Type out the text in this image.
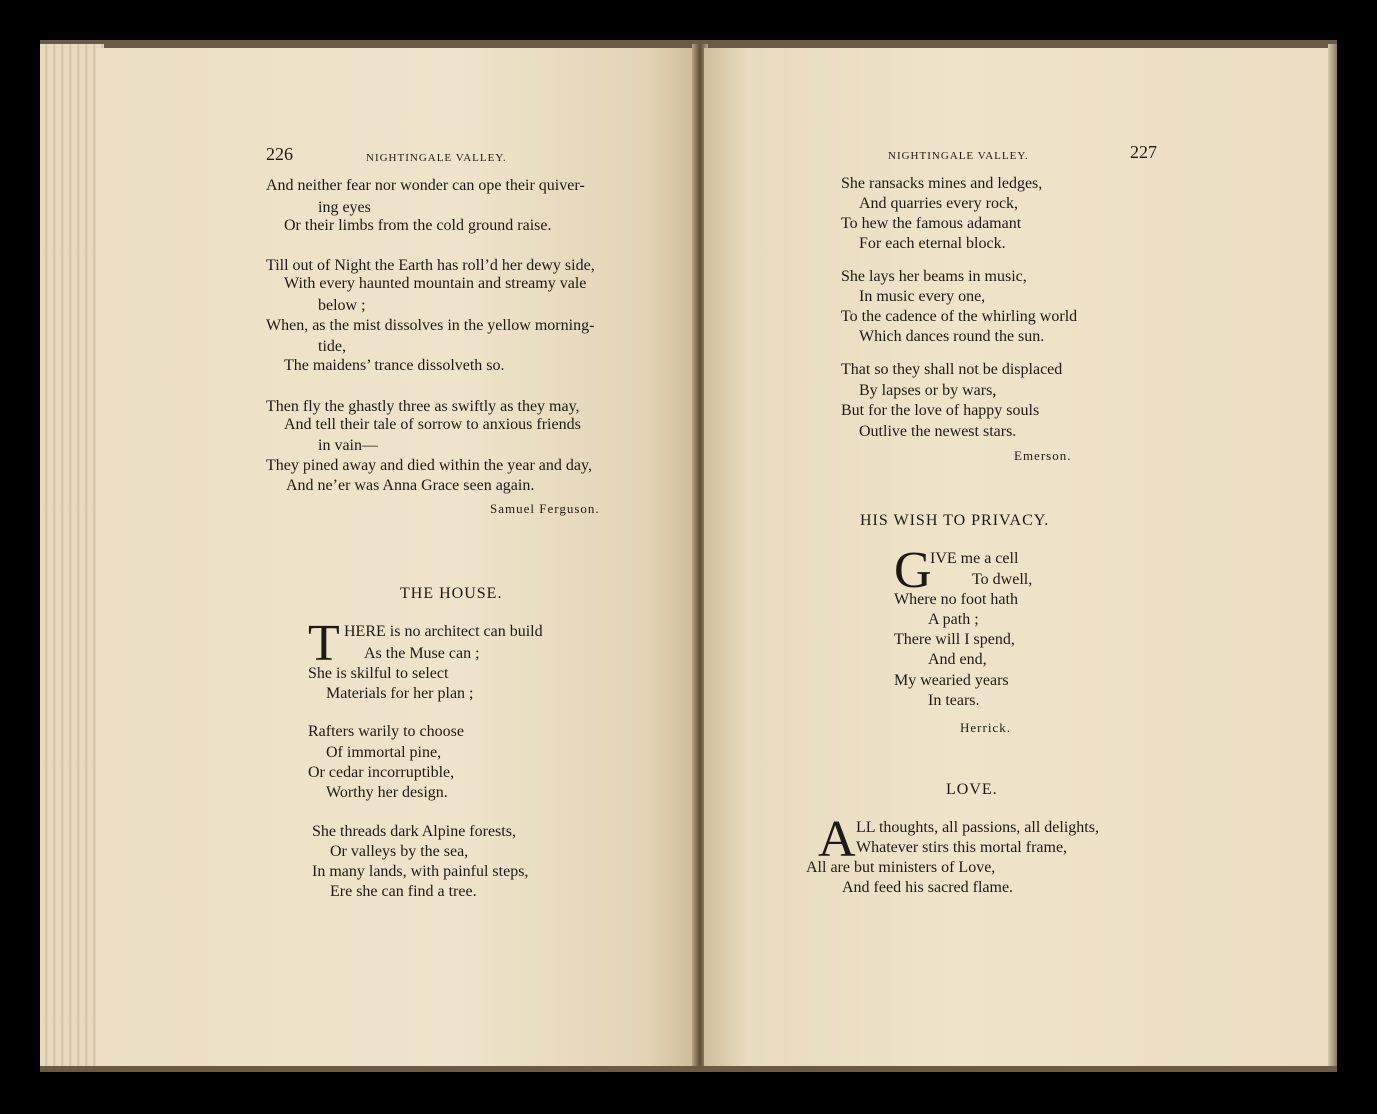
226	NIGHTINGALE VALLEY.
And neither fear nor wonder can ope their quiver-
ing eyes
Or their limbs from the cold ground raise.
Till out of Night the Earth has roll’d her dewy side,
With every haunted mountain and streamy vale
below ;
When, as the mist dissolves in the yellow morning-
tide,
The maidens’ trance dissolveth so.
Then fly the ghastly three as swiftly as they may,
And tell their tale of sorrow to anxious friends
in vain—
They pined away and died within the year and day,
And ne’er was Anna Grace seen again.
Samuel Ferguson.
THE HOUSE.
T HERE is no architect can build
As the Muse can ;
She is skilful to select
Materials for her plan ;
Rafters warily to choose
Of immortal pine,
Or cedar incorruptible,
Worthy her design.
She threads dark Alpine forests,
Or valleys by the sea,
In many lands, with painful steps,
Ere she can find a tree.
NIGHTINGALE VALLEY.	227
She ransacks mines and ledges,
And quarries every rock,
To hew the famous adamant
For each eternal block.
She lays her beams in music,
In music every one,
To the cadence of the whirling world
Which dances round the sun.
That so they shall not be displaced
By lapses or by wars,
But for the love of happy souls
Outlive the newest stars.
Emerson.
HIS WISH TO PRIVACY.
G
IVE me a cell
To dwell,
Where no foot hath
A path ;
There will I spend,
And end,
My wearied years
In tears.
Herrick.
LOVE.
A LL thoughts, all passions, all delights,
Whatever stirs this mortal frame,
All are but ministers of Love,
And feed his sacred flame.
